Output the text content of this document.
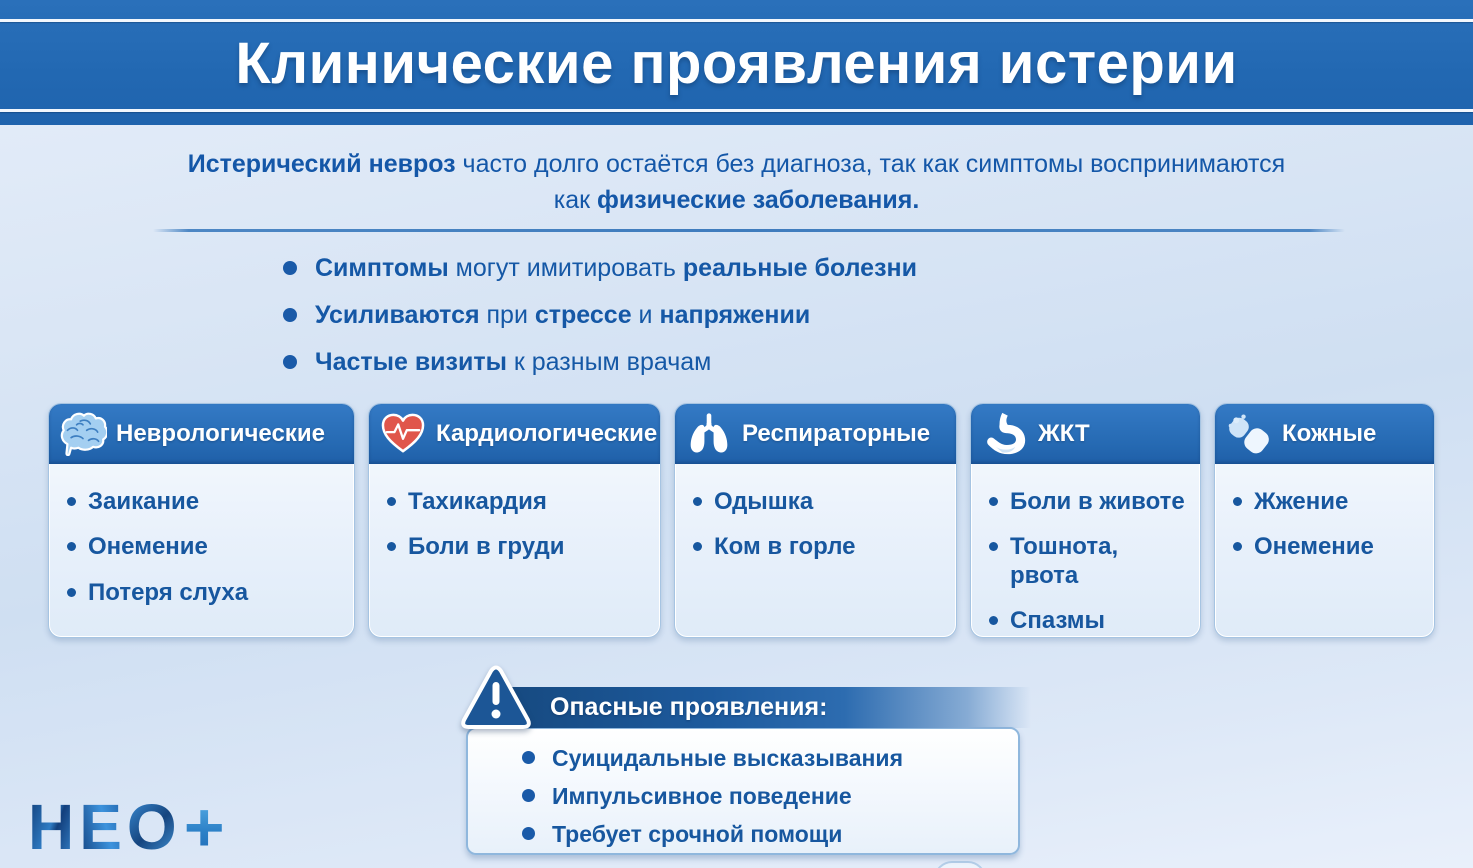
Клинические проявления истерии

Истерический невроз часто долго остаётся без диагноза, так как симптомы воспринимаются
как физические заболевания.

Симптомы могут имитировать реальные болезни
Усиливаются при стрессе и напряжении
Частые визиты к разным врачам
Неврологические
Заикание
Онемение
Потеря слуха
Кардиологические
Тахикардия
Боли в груди
Респираторные
Одышка
Ком в горле
ЖКТ
Боли в животе
Тошнота, рвота
Спазмы
Кожные
Жжение
Онемение
Опасные проявления:
Суицидальные высказывания
Импульсивное поведение
Требует срочной помощи
Н Е О +
